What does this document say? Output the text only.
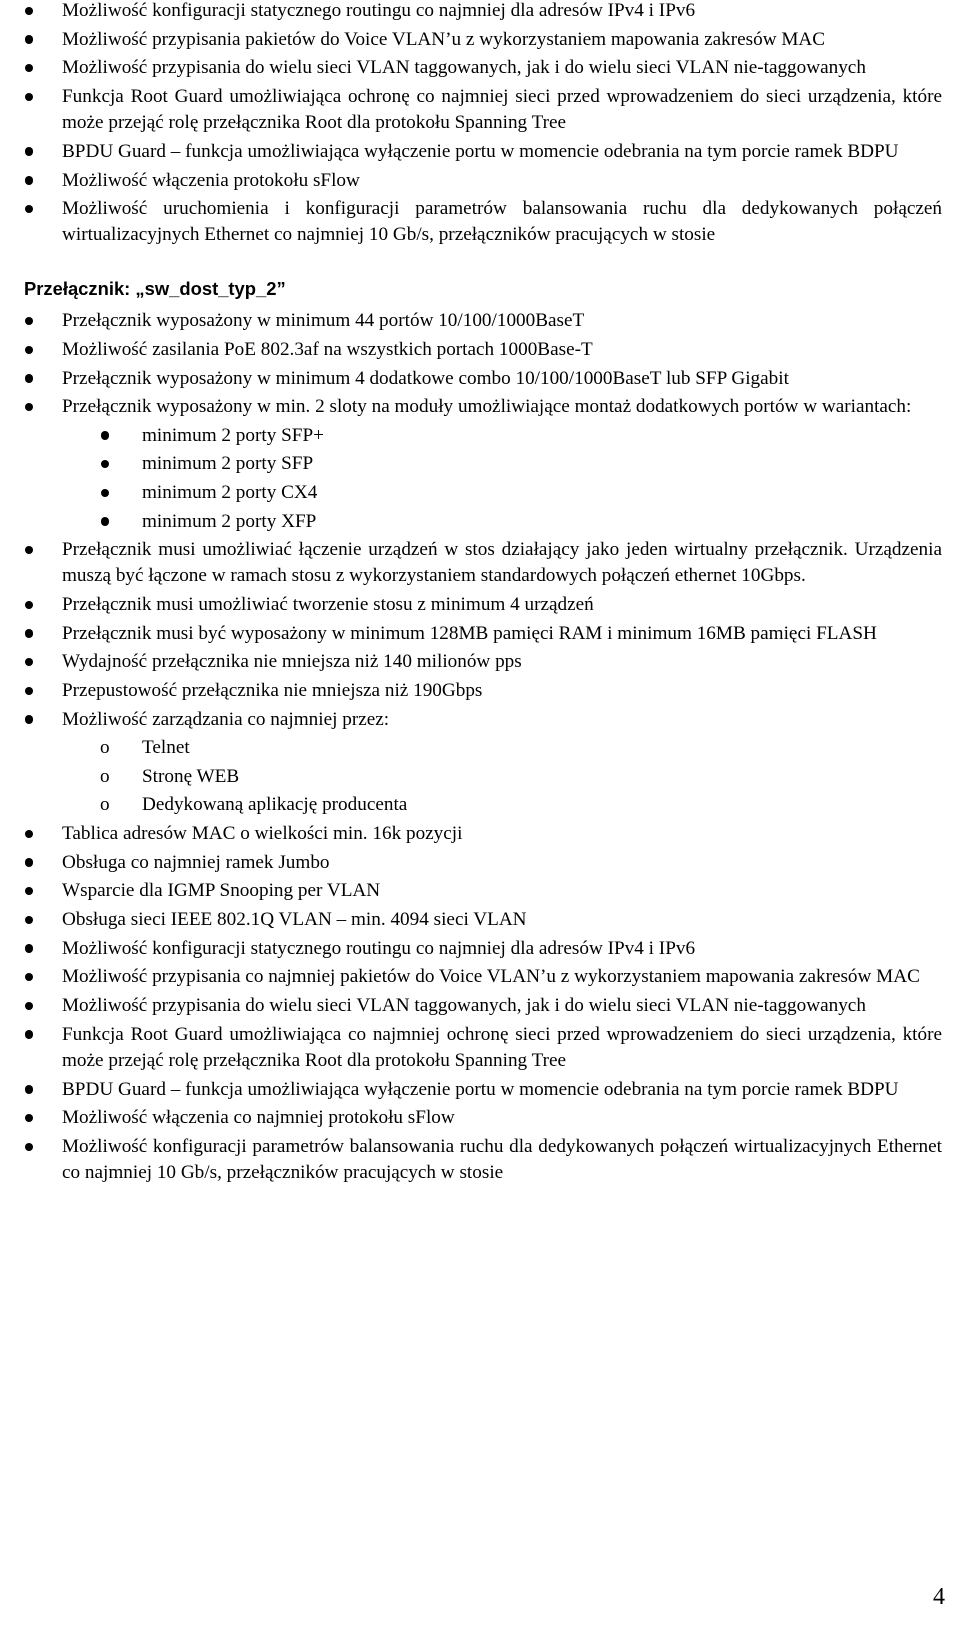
Możliwość konfiguracji statycznego routingu co najmniej dla adresów IPv4 i IPv6
Możliwość przypisania pakietów do Voice VLAN’u z wykorzystaniem mapowania zakresów MAC
Możliwość przypisania do wielu sieci VLAN taggowanych, jak i do wielu sieci VLAN nie-taggowanych
Funkcja Root Guard umożliwiająca ochronę co najmniej sieci przed wprowadzeniem do sieci urządzenia, które może przejąć rolę przełącznika Root dla protokołu Spanning Tree
BPDU Guard – funkcja umożliwiająca wyłączenie portu w momencie odebrania na tym porcie ramek BDPU
Możliwość włączenia protokołu sFlow
Możliwość uruchomienia i konfiguracji parametrów balansowania ruchu dla dedykowanych połączeń wirtualizacyjnych Ethernet co najmniej 10 Gb/s, przełączników pracujących w stosie
Przełącznik: „sw_dost_typ_2”
Przełącznik wyposażony w minimum 44 portów 10/100/1000BaseT
Możliwość zasilania PoE 802.3af na wszystkich portach 1000Base-T
Przełącznik wyposażony w minimum 4 dodatkowe combo 10/100/1000BaseT lub SFP Gigabit
Przełącznik wyposażony w min. 2 sloty na moduły umożliwiające montaż dodatkowych portów w wariantach:
minimum 2 porty SFP+
minimum 2 porty SFP
minimum 2 porty CX4
minimum 2 porty XFP
Przełącznik musi umożliwiać łączenie urządzeń w stos działający jako jeden wirtualny przełącznik. Urządzenia muszą być łączone w ramach stosu z wykorzystaniem standardowych połączeń ethernet 10Gbps.
Przełącznik musi umożliwiać tworzenie stosu z minimum 4 urządzeń
Przełącznik musi być wyposażony w minimum 128MB pamięci RAM i minimum 16MB pamięci FLASH
Wydajność przełącznika nie mniejsza niż 140 milionów pps
Przepustowość przełącznika nie mniejsza niż 190Gbps
Możliwość zarządzania co najmniej przez:
o Telnet
o Stronę WEB
o Dedykowaną aplikację producenta
Tablica adresów MAC o wielkości min. 16k pozycji
Obsługa co najmniej ramek Jumbo
Wsparcie dla IGMP Snooping per VLAN
Obsługa sieci IEEE 802.1Q VLAN – min. 4094 sieci VLAN
Możliwość konfiguracji statycznego routingu co najmniej dla adresów IPv4 i IPv6
Możliwość przypisania co najmniej pakietów do Voice VLAN’u z wykorzystaniem mapowania zakresów MAC
Możliwość przypisania do wielu sieci VLAN taggowanych, jak i do wielu sieci VLAN nie-taggowanych
Funkcja Root Guard umożliwiająca co najmniej ochronę sieci przed wprowadzeniem do sieci urządzenia, które może przejąć rolę przełącznika Root dla protokołu Spanning Tree
BPDU Guard – funkcja umożliwiająca wyłączenie portu w momencie odebrania na tym porcie ramek BDPU
Możliwość włączenia co najmniej protokołu sFlow
Możliwość konfiguracji parametrów balansowania ruchu dla dedykowanych połączeń wirtualizacyjnych Ethernet co najmniej 10 Gb/s, przełączników pracujących w stosie
4
